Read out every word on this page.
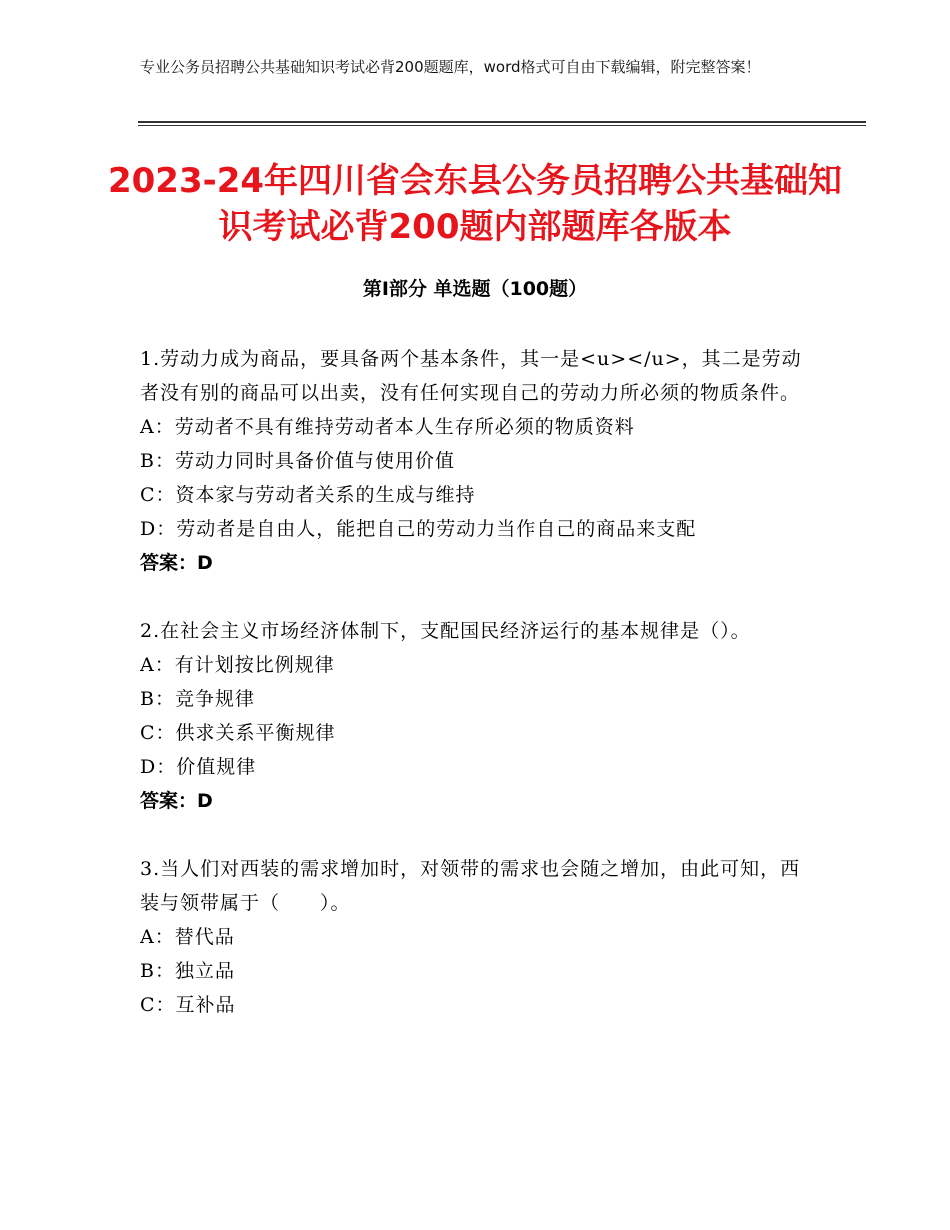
专业公务员招聘公共基础知识考试必背200题题库，word格式可自由下载编辑，附完整答案！
2023-24年四川省会东县公务员招聘公共基础知识考试必背200题内部题库各版本
第Ⅰ部分 单选题（100题）
1.劳动力成为商品，要具备两个基本条件，其一是<u></u>，其二是劳动者没有别的商品可以出卖，没有任何实现自己的劳动力所必须的物质条件。
A：劳动者不具有维持劳动者本人生存所必须的物质资料
B：劳动力同时具备价值与使用价值
C：资本家与劳动者关系的生成与维持
D：劳动者是自由人，能把自己的劳动力当作自己的商品来支配
答案：D
2.在社会主义市场经济体制下，支配国民经济运行的基本规律是（）。
A：有计划按比例规律
B：竞争规律
C：供求关系平衡规律
D：价值规律
答案：D
3.当人们对西装的需求增加时，对领带的需求也会随之增加，由此可知，西装与领带属于（　　）。
A：替代品
B：独立品
C：互补品
